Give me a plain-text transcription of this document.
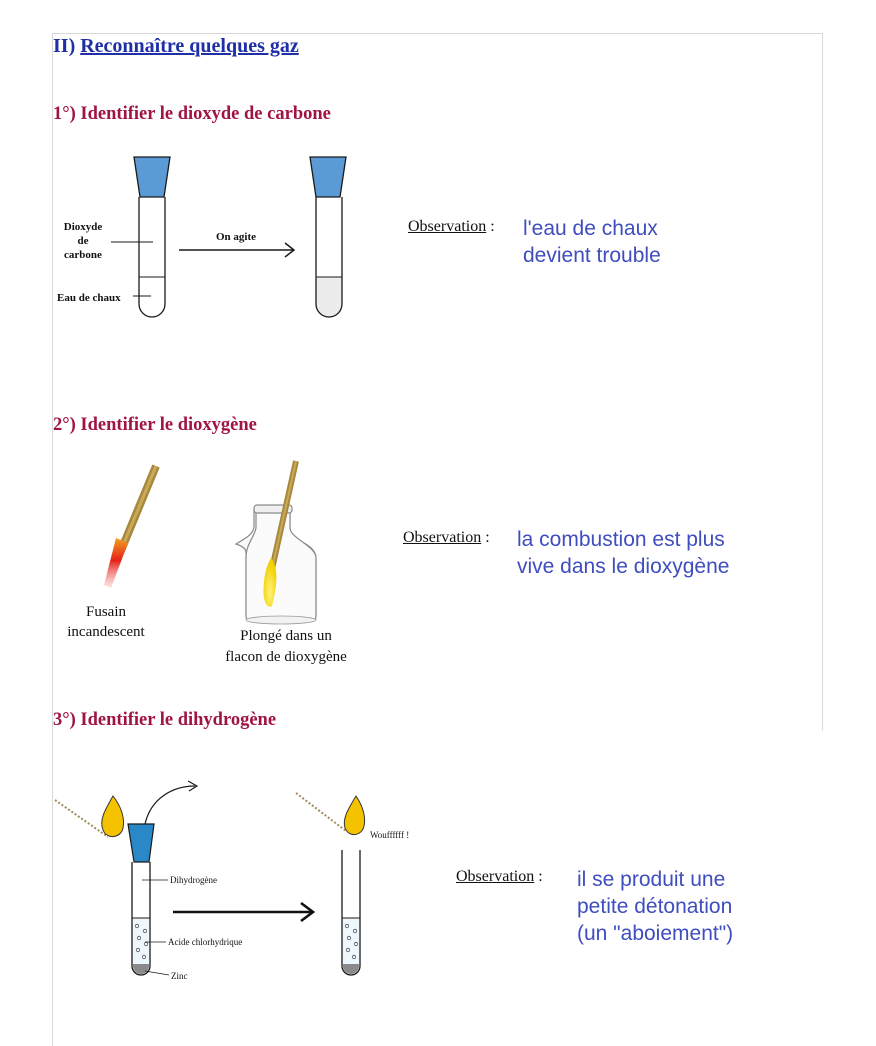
II) Reconnaître quelques gaz
1°) Identifier le dioxyde de carbone
Dioxyde
de
carbone
Eau de chaux
On agite
Observation : l'eau de chaux
devient trouble
2°) Identifier le dioxygène
Fusain
incandescent	Plongé dans un
flacon de dioxygène
Observation : la combustion est plus
vive dans le dioxygène
3°) Identifier le dihydrogène
Dihydrogène
Acide chlorhydrique
Zinc
Wouffffff !
Observation : il se produit une
petite détonation
(un "aboiement")
